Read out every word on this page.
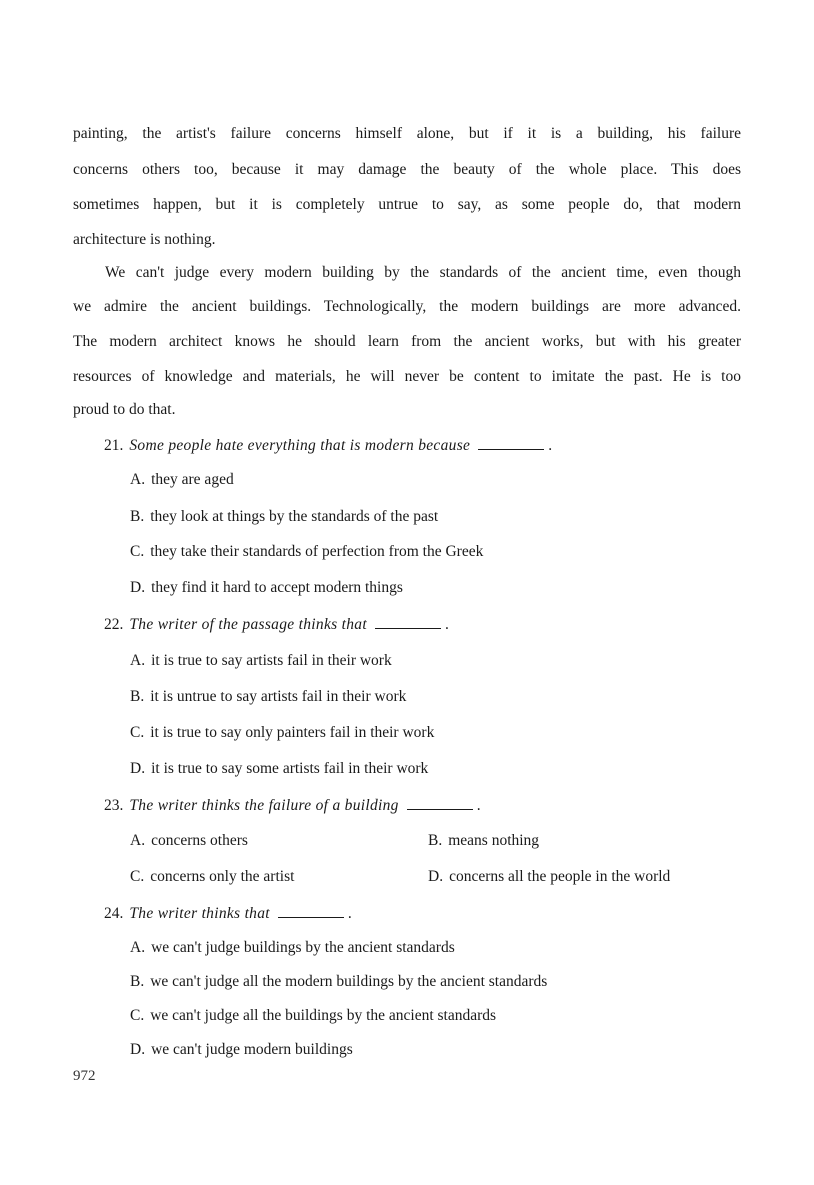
painting, the artist's failure concerns himself alone, but if it is a building, his failure
concerns others too, because it may damage the beauty of the whole place. This does
sometimes happen, but it is completely untrue to say, as some people do, that modern
architecture is nothing.
We can't judge every modern building by the standards of the ancient time, even though
we admire the ancient buildings. Technologically, the modern buildings are more advanced.
The modern architect knows he should learn from the ancient works, but with his greater
resources of knowledge and materials, he will never be content to imitate the past. He is too
proud to do that.
21. Some people hate everything that is modern because	.
A. they are aged
B. they look at things by the standards of the past
C. they take their standards of perfection from the Greek
D. they find it hard to accept modern things
22. The writer of the passage thinks that	.
A. it is true to say artists fail in their work
B. it is untrue to say artists fail in their work
C. it is true to say only painters fail in their work
D. it is true to say some artists fail in their work
23. The writer thinks the failure of a building	.
A. concerns others	B. means nothing
C. concerns only the artist	D. concerns all the people in the world
24. The writer thinks that	.
A. we can't judge buildings by the ancient standards
B. we can't judge all the modern buildings by the ancient standards
C. we can't judge all the buildings by the ancient standards
D. we can't judge modern buildings
972
